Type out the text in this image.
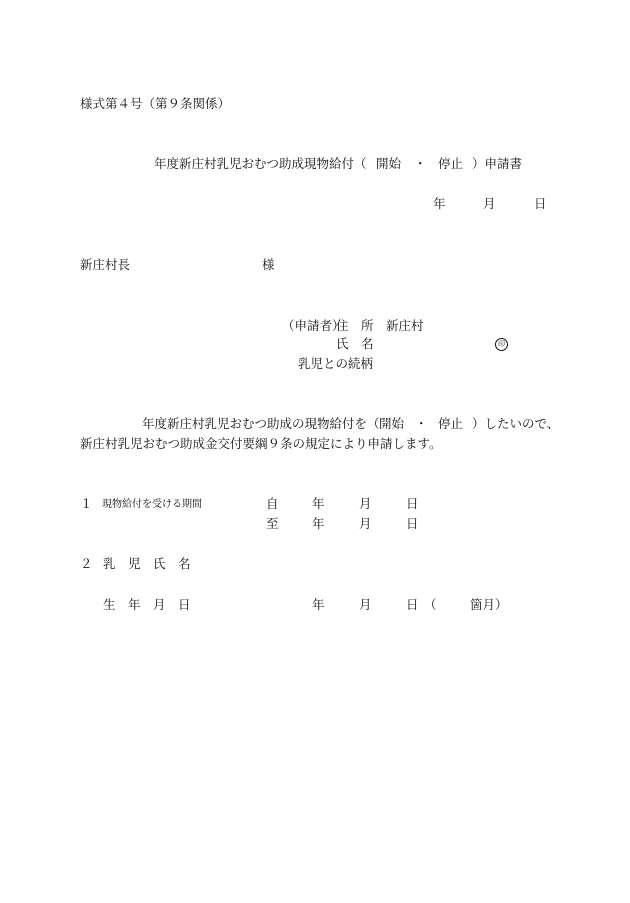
様式第４号（第９条関係）
年度新庄村乳児おむつ助成現物給付（ 開始 ・ 停止 ）申請書
年	月	日
新庄村長	様
（申請者）
住　所 新庄村
氏　名	印
乳児との続柄
年度新庄村乳児おむつ助成の現物給付を（ 開始 ・ 停止 ）したいので、
新庄村乳児おむつ助成金交付要綱９条の規定により申請します。
１ 現物給付を受ける期間	自	年	月	日
至	年	月	日
２ 乳 児 氏 名
生 年 月 日	年	月	日 （	箇月）
